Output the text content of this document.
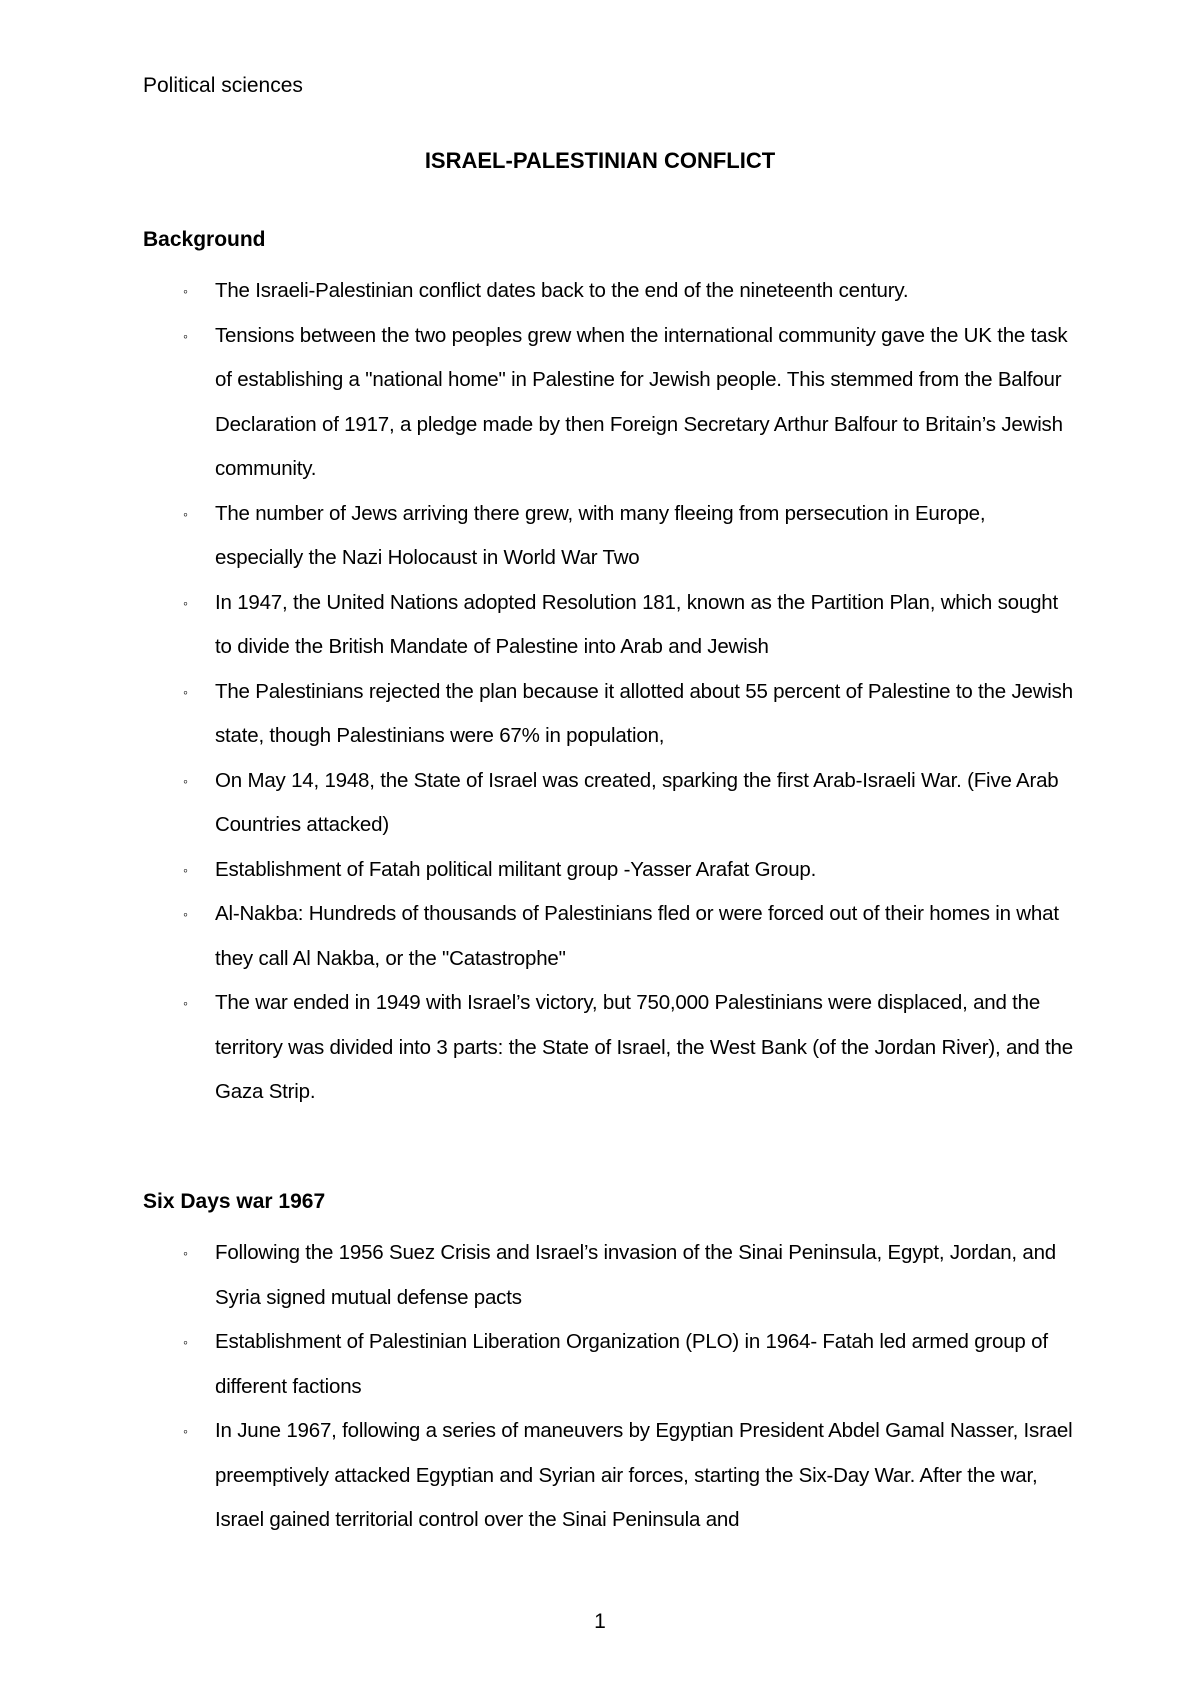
Political sciences
ISRAEL-PALESTINIAN CONFLICT
Background
◦ The Israeli-Palestinian conflict dates back to the end of the nineteenth century.
◦ Tensions between the two peoples grew when the international community gave the UK the task of establishing a "national home" in Palestine for Jewish people. This stemmed from the Balfour Declaration of 1917, a pledge made by then Foreign Secretary Arthur Balfour to Britain’s Jewish community.
◦ The number of Jews arriving there grew, with many fleeing from persecution in Europe, especially the Nazi Holocaust in World War Two
◦ In 1947, the United Nations adopted Resolution 181, known as the Partition Plan, which sought to divide the British Mandate of Palestine into Arab and Jewish
◦ The Palestinians rejected the plan because it allotted about 55 percent of Palestine to the Jewish state, though Palestinians were 67% in population,
◦ On May 14, 1948, the State of Israel was created, sparking the first Arab-Israeli War. (Five Arab Countries attacked)
◦ Establishment of Fatah political militant group -Yasser Arafat Group.
◦ Al-Nakba: Hundreds of thousands of Palestinians fled or were forced out of their homes in what they call Al Nakba, or the "Catastrophe"
◦ The war ended in 1949 with Israel’s victory, but 750,000 Palestinians were displaced, and the territory was divided into 3 parts: the State of Israel, the West Bank (of the Jordan River), and the Gaza Strip.
Six Days war 1967
◦ Following the 1956 Suez Crisis and Israel’s invasion of the Sinai Peninsula, Egypt, Jordan, and Syria signed mutual defense pacts
◦ Establishment of Palestinian Liberation Organization (PLO) in 1964- Fatah led armed group of different factions
◦ In June 1967, following a series of maneuvers by Egyptian President Abdel Gamal Nasser, Israel preemptively attacked Egyptian and Syrian air forces, starting the Six-Day War. After the war, Israel gained territorial control over the Sinai Peninsula and
1
